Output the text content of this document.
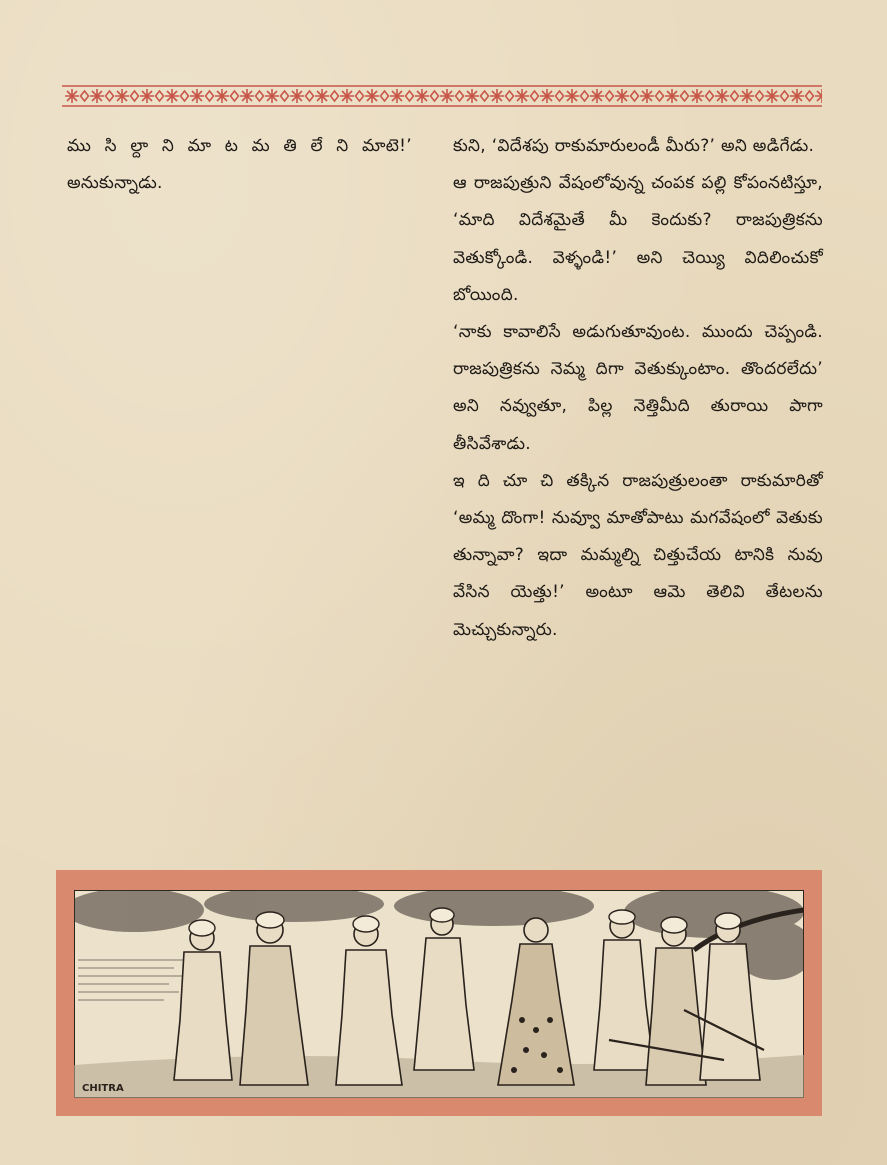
ము సి ల్దా ని మా ట మ తి లే ని మాటె!’ అనుకున్నాడు.

కుని, ‘విదేశపు రాకుమారులండీ మీరు?’ అని అడిగేడు.

ఆ రాజపుత్రుని వేషంలోవున్న చంపక పల్లి కోపంనటిస్తూ, ‘మాది విదేశమైతే మీ కెందుకు? రాజపుత్రికను వెతుక్కోండి. వెళ్ళండి!’ అని చెయ్యి విదిలించుకో బోయింది.

‘నాకు కావాలిసే అడుగుతూవుంట. ముందు చెప్పండి. రాజపుత్రికను నెమ్మ దిగా వెతుక్కుంటాం. తొందరలేదు’ అని నవ్వుతూ, పిల్ల నెత్తిమీది తురాయి పాగా తీసివేశాడు.

ఇ ది చూ చి తక్కిన రాజపుత్రులంతా రాకుమారితో ‘అమ్మ దొంగా! నువ్వూ మాతోపాటు మగవేషంలో వెతుకు తున్నావా? ఇదా మమ్మల్ని చిత్తుచేయ టానికి నువు వేసిన యెత్తు!’ అంటూ ఆమె తెలివి తేటలను మెచ్చుకున్నారు.

CHITRA
